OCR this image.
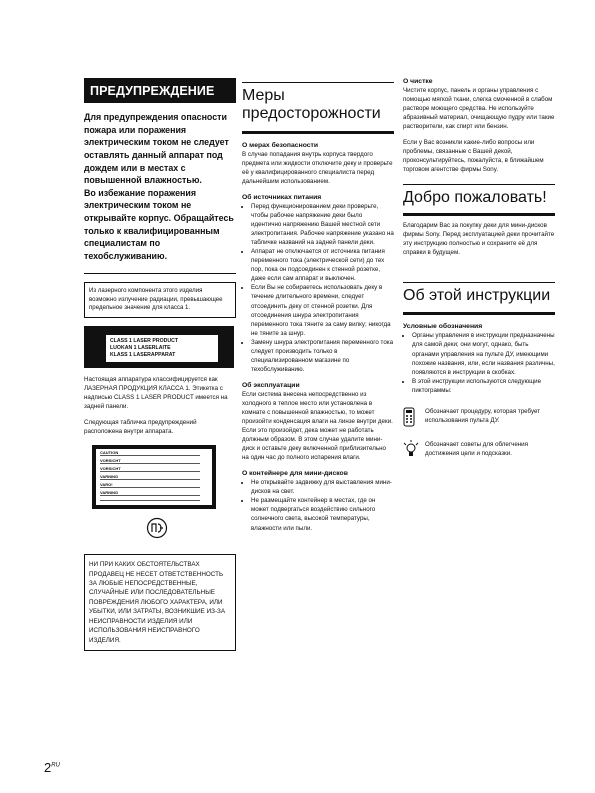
ПРЕДУПРЕЖДЕНИЕ

Для предупреждения опасности пожара или поражения электрическим током не следует оставлять данный аппарат под дождем или в местах с повышенной влажностью.

Во избежание поражения электрическим током не открывайте корпус. Обращайтесь только к квалифицированным специалистам по техобслуживанию.

Из лазерного компонента этого изделия возможно излучение радиации, превышающее предельное значение для класса 1.
CLASS 1 LASER PRODUCT
LUOKAN 1 LASERLAITE
KLASS 1 LASERAPPARAT

Настоящая аппаратура классифицируется как ЛАЗЕРНАЯ ПРОДУКЦИЯ КЛАССА 1. Этикетка с надписью CLASS 1 LASER PRODUCT имеется на задней панели.

Следующая табличка предупреждений расположена внутри аппарата.

CAUTION
VORSICHT
VORSICHT
VARNING
VARO!
VARNING
НИ ПРИ КАКИХ ОБСТОЯТЕЛЬСТВАХ ПРОДАВЕЦ НЕ НЕСЕТ ОТВЕТСТВЕННОСТЬ ЗА ЛЮБЫЕ НЕПОСРЕДСТВЕННЫЕ, СЛУЧАЙНЫЕ ИЛИ ПОСЛЕДОВАТЕЛЬНЫЕ ПОВРЕЖДЕНИЯ ЛЮБОГО ХАРАКТЕРА, ИЛИ УБЫТКИ, ИЛИ ЗАТРАТЫ, ВОЗНИКШИЕ ИЗ-ЗА НЕИСПРАВНОСТИ ИЗДЕЛИЯ ИЛИ ИСПОЛЬЗОВАНИЯ НЕИСПРАВНОГО ИЗДЕЛИЯ.
Меры предосторожности
О мерах безопасности

В случае попадания внутрь корпуса твердого предмета или жидкости отключите деку и проверьте её у квалифицированного специалиста перед дальнейшим использованием.

Об источниках питания
• Перед функционированием деки проверьте, чтобы рабочее напряжение деки было идентично напряжению Вашей местной сети электропитания. Рабочее напряжение указано на табличке названий на задней панели деки.
• Аппарат не отключается от источника питания переменного тока (электрической сети) до тех пор, пока он подсоединен к стенной розетке, даже если сам аппарат и выключен.
• Если Вы не собираетесь использовать деку в течение длительного времени, следует отсоединить деку от стенной розетки. Для отсоединения шнура электропитания переменного тока тяните за саму вилку; никогда не тяните за шнур.
• Замену шнура электропитания переменного тока следует производить только в специализированном магазине по техобслуживанию.
Об эксплуатации

Если система внесена непосредственно из холодного в теплое место или установлена в комнате с повышенной влажностью, то может произойти конденсация влаги на линзе внутри деки. Если это произойдет, дека может не работать должным образом. В этом случае удалите мини-диск и оставьте деку включенной приблизительно на один час до полного испарения влаги.

О контейнере для мини-дисков
• Не открывайте задвижку для выставления мини-дисков на свет.
• Не размещайте контейнер в местах, где он может подвергаться воздействию сильного солнечного света, высокой температуры, влажности или пыли.
О чистке

Чистите корпус, панель и органы управления с помощью мягкой ткани, слегка смоченной в слабом растворе моющего средства. Не используйте абразивный материал, очищающую пудру или такие растворители, как спирт или бензин.

Если у Вас возникли какие-либо вопросы или проблемы, связанные с Вашей декой, проконсультируйтесь, пожалуйста, в ближайшем торговом агентстве фирмы Sony.

Добро пожаловать!

Благодарим Вас за покупку деки для мини-дисков фирмы Sony. Перед эксплуатацией деки прочитайте эту инструкцию полностью и сохраните её для справки в будущем.

Об этой инструкции
Условные обозначения
• Органы управления в инструкции предназначены для самой деки; они могут, однако, быть органами управления на пульте ДУ, имеющими похожие названия, или, если названия различны, появляются в инструкции в скобках.
• В этой инструкции используются следующие пиктограммы:
Обозначает процедуру, которая требует использования пульта ДУ.
Обозначает советы для облегчения достижения цели и подсказки.
$2^{RU}$
